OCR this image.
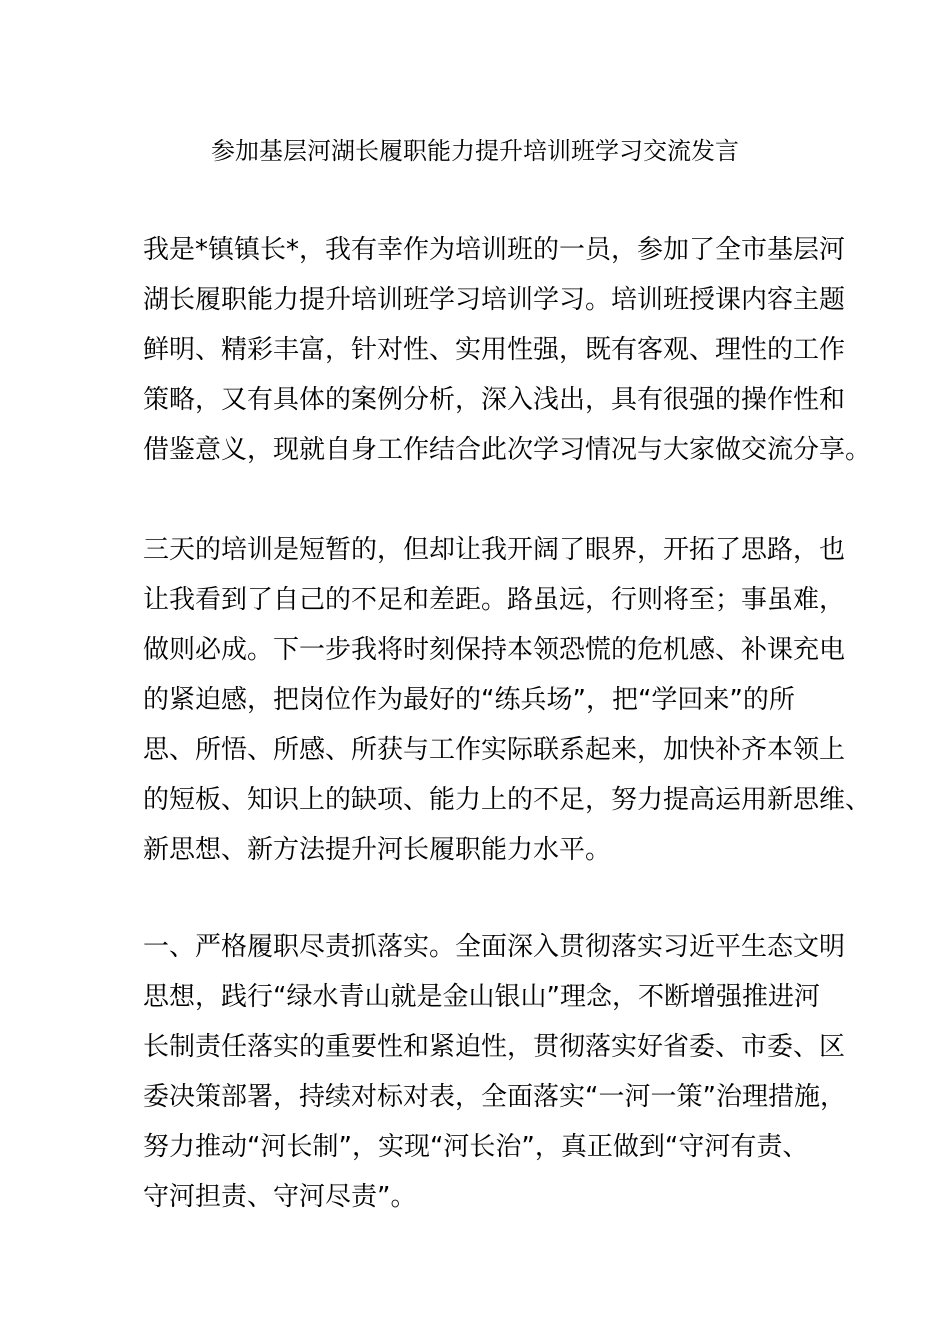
参加基层河湖长履职能力提升培训班学习交流发言
我是*镇镇长*，我有幸作为培训班的一员，参加了全市基层河
湖长履职能力提升培训班学习培训学习。培训班授课内容主题
鲜明、精彩丰富，针对性、实用性强，既有客观、理性的工作
策略，又有具体的案例分析，深入浅出，具有很强的操作性和
借鉴意义，现就自身工作结合此次学习情况与大家做交流分享。
三天的培训是短暂的，但却让我开阔了眼界，开拓了思路，也
让我看到了自己的不足和差距。路虽远，行则将至；事虽难，
做则必成。下一步我将时刻保持本领恐慌的危机感、补课充电
的紧迫感，把岗位作为最好的“练兵场”，把“学回来”的所
思、所悟、所感、所获与工作实际联系起来，加快补齐本领上
的短板、知识上的缺项、能力上的不足，努力提高运用新思维、
新思想、新方法提升河长履职能力水平。
一、严格履职尽责抓落实。全面深入贯彻落实习近平生态文明
思想，践行“绿水青山就是金山银山”理念，不断增强推进河
长制责任落实的重要性和紧迫性，贯彻落实好省委、市委、区
委决策部署，持续对标对表，全面落实“一河一策”治理措施，
努力推动“河长制”，实现“河长治”，真正做到“守河有责、
守河担责、守河尽责”。
